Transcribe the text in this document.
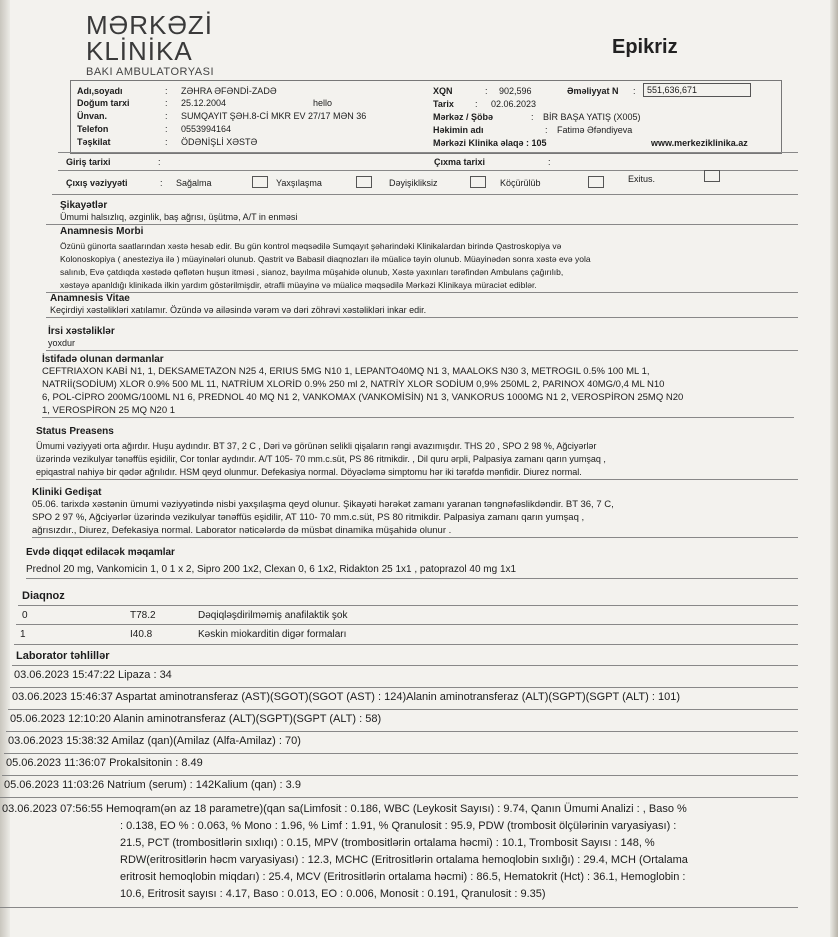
MƏRKƏZİ
KLİNİKA
BAKI AMBULATORYASI
Epikriz
Adı,soyadı	: ZƏHRA ƏFƏNDİ-ZADƏ
Doğum tarxi	: 25.12.2004	hello
Ünvan.	: SUMQAYIT ŞƏH.8-Cİ MKR EV 27/17 MƏN 36
Telefon	: 0553994164
Təşkilat	: ÖDƏNİŞLİ XƏSTƏ
XQN	: 902,596	Əməliyyat N :	551,636,671
Tarix : 02.06.2023
Mərkəz / Şöbə	: BİR BAŞA YATIŞ (X005)
Həkimin adı	: Fatimə Əfəndiyeva
Mərkəzi Klinika əlaqə : 105	www.merkeziklinika.az
Giriş tarixi	:	Çıxma tarixi	:
Çıxış vəziyyəti	: Sağalma	Yaxşılaşma	Dəyişikliksiz	Köçürülüb	Exitus.
Şikayətlər
Ümumi halsızlıq, əzginlik, baş ağrısı, üşütmə, A/T in enməsi
Anamnesis Morbi
Özünü günorta saatlarından xəstə hesab edir. Bu gün kontrol məqsədilə Sumqayıt şəharindəki Klinikalardan birində Qastroskopiya və
Kolonoskopiya ( anesteziya ilə ) müayinələri olunub. Qastrit və Babasil diaqnozları ilə müalicə təyin olunub. Müayinədən sonra xəstə evə yola
salınıb, Evə çatdıqda xəstədə qəflətən huşun itməsi , sianoz, bayılma müşahidə olunub, Xəstə yaxınları tərəfindən Ambulans çağırılıb,
xəstəyə apanldığı klinikada ilkin yardım göstərilmişdir, ətrafli müayinə və müalicə məqsədilə Mərkəzi Klinikaya müraciət ediblər.
Anamnesis Vitae
Keçirdiyi xəstəlikləri xatılamır. Özündə və ailəsində vərəm və dəri zöhrəvi xəstəlikləri inkar edir.
İrsi xəstəliklər
yoxdur
İstifadə olunan dərmanlar
CEFTRIAXON KABİ N1, 1, DEKSAMETAZON N25 4, ERIUS 5MG N10 1, LEPANTO40MQ N1 3, MAALOKS N30 3, METROGIL 0.5% 100 ML 1,
NATRİİ(SODİUM) XLOR 0.9% 500 ML 11, NATRİUM XLORİD 0.9% 250 ml 2, NATRİY XLOR SODİUM 0,9% 250ML 2, PARINOX 40MG/0,4 ML N10
6, POL-CİPRO 200MG/100ML N1 6, PREDNOL 40 MQ N1 2, VANKOMAX (VANKOMİSİN) N1 3, VANKORUS 1000MG N1 2, VEROSPİRON 25MQ N20
1, VEROSPİRON 25 MQ N20 1
Status Preasens
Ümumi vəziyyəti orta ağırdır. Huşu aydındır. BT 37, 2 C , Dəri və görünən selikli qişaların rəngi avazımışdır. THS 20 , SPO 2 98 %, Ağciyərlər
üzərində vezikulyar tənəffüs eşidilir, Cor tonlar aydındır. A/T 105- 70 mm.c.süt, PS 86 ritmikdir. , Dil quru ərpli, Palpasiya zamanı qarın yumşaq ,
epiqastral nahiyə bir qədər ağrılıdır. HSM qeyd olunmur. Defekasiya normal. Döyəcləmə simptomu hər iki tərəfdə mənfidir. Diurez normal.
Kliniki Gedişat
05.06. tarixdə xəstənin ümumi vəziyyətində nisbi yaxşılaşma qeyd olunur. Şikayəti hərəkət zamanı yaranan təngnəfəslikdəndir. BT 36, 7 C,
SPO 2 97 %, Ağciyərlər üzərində vezikulyar tənəffüs eşidilir, AT 110- 70 mm.c.süt, PS 80 ritmikdir. Palpasiya zamanı qarın yumşaq ,
ağrısızdır., Diurez, Defekasiya normal. Laborator nəticələrdə də müsbət dinamika müşahidə olunur .
Evdə diqqət edilacək məqamlar
Prednol 20 mg, Vankomicin 1, 0 1 x 2, Sipro 200 1x2, Clexan 0, 6 1x2, Ridakton 25 1x1 , patoprazol 40 mg 1x1
Diaqnoz
0	T78.2	Dəqiqləşdirilməmiş anafilaktik şok
1	I40.8	Kəskin miokarditin digər formaları
Laborator təhlillər
03.06.2023 15:47:22 Lipaza : 34
03.06.2023 15:46:37 Aspartat aminotransferaz (AST)(SGOT)(SGOT (AST) : 124)Alanin aminotransferaz (ALT)(SGPT)(SGPT (ALT) : 101)
05.06.2023 12:10:20 Alanin aminotransferaz (ALT)(SGPT)(SGPT (ALT) : 58)
03.06.2023 15:38:32 Amilaz (qan)(Amilaz (Alfa-Amilaz) : 70)
05.06.2023 11:36:07 Prokalsitonin : 8.49
05.06.2023 11:03:26 Natrium (serum) : 142Kalium (qan) : 3.9
03.06.2023 07:56:55 Hemoqram(ən az 18 parametre)(qan sa(Limfosit : 0.186, WBC (Leykosit Sayısı) : 9.74, Qanın Ümumi Analizi : , Baso %
: 0.138, EO % : 0.063, % Mono : 1.96, % Limf : 1.91, % Qranulosit : 95.9, PDW (trombosit ölçülərinin varyasiyası) :
21.5, PCT (trombositlərin sıxlıqı) : 0.15, MPV (trombositlərin ortalama həcmi) : 10.1, Trombosit Sayısı : 148, %
RDW(eritrositlərin həcm varyasiyası) : 12.3, MCHC (Eritrositlərin ortalama hemoqlobin sıxlığı) : 29.4, MCH (Ortalama
eritrosit hemoqlobin miqdarı) : 25.4, MCV (Eritrositlərin ortalama həcmi) : 86.5, Hematokrit (Hct) : 36.1, Hemoglobin :
10.6, Eritrosit sayısı : 4.17, Baso : 0.013, EO : 0.006, Monosit : 0.191, Qranulosit : 9.35)
